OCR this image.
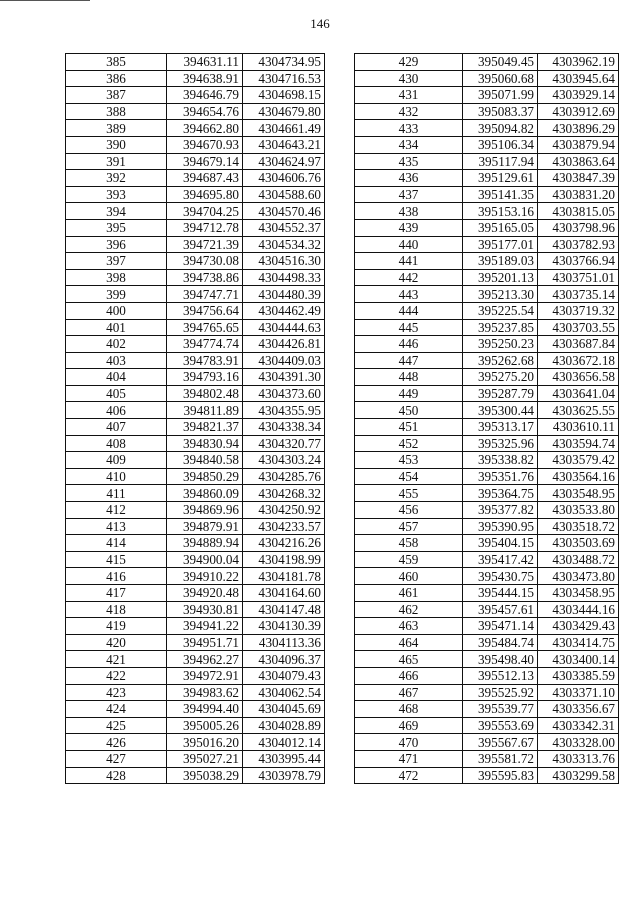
146
385	394631.11	4304734.95
386	394638.91	4304716.53
387	394646.79	4304698.15
388	394654.76	4304679.80
389	394662.80	4304661.49
390	394670.93	4304643.21
391	394679.14	4304624.97
392	394687.43	4304606.76
393	394695.80	4304588.60
394	394704.25	4304570.46
395	394712.78	4304552.37
396	394721.39	4304534.32
397	394730.08	4304516.30
398	394738.86	4304498.33
399	394747.71	4304480.39
400	394756.64	4304462.49
401	394765.65	4304444.63
402	394774.74	4304426.81
403	394783.91	4304409.03
404	394793.16	4304391.30
405	394802.48	4304373.60
406	394811.89	4304355.95
407	394821.37	4304338.34
408	394830.94	4304320.77
409	394840.58	4304303.24
410	394850.29	4304285.76
411	394860.09	4304268.32
412	394869.96	4304250.92
413	394879.91	4304233.57
414	394889.94	4304216.26
415	394900.04	4304198.99
416	394910.22	4304181.78
417	394920.48	4304164.60
418	394930.81	4304147.48
419	394941.22	4304130.39
420	394951.71	4304113.36
421	394962.27	4304096.37
422	394972.91	4304079.43
423	394983.62	4304062.54
424	394994.40	4304045.69
425	395005.26	4304028.89
426	395016.20	4304012.14
427	395027.21	4303995.44
428	395038.29	4303978.79
429	395049.45	4303962.19
430	395060.68	4303945.64
431	395071.99	4303929.14
432	395083.37	4303912.69
433	395094.82	4303896.29
434	395106.34	4303879.94
435	395117.94	4303863.64
436	395129.61	4303847.39
437	395141.35	4303831.20
438	395153.16	4303815.05
439	395165.05	4303798.96
440	395177.01	4303782.93
441	395189.03	4303766.94
442	395201.13	4303751.01
443	395213.30	4303735.14
444	395225.54	4303719.32
445	395237.85	4303703.55
446	395250.23	4303687.84
447	395262.68	4303672.18
448	395275.20	4303656.58
449	395287.79	4303641.04
450	395300.44	4303625.55
451	395313.17	4303610.11
452	395325.96	4303594.74
453	395338.82	4303579.42
454	395351.76	4303564.16
455	395364.75	4303548.95
456	395377.82	4303533.80
457	395390.95	4303518.72
458	395404.15	4303503.69
459	395417.42	4303488.72
460	395430.75	4303473.80
461	395444.15	4303458.95
462	395457.61	4303444.16
463	395471.14	4303429.43
464	395484.74	4303414.75
465	395498.40	4303400.14
466	395512.13	4303385.59
467	395525.92	4303371.10
468	395539.77	4303356.67
469	395553.69	4303342.31
470	395567.67	4303328.00
471	395581.72	4303313.76
472	395595.83	4303299.58
